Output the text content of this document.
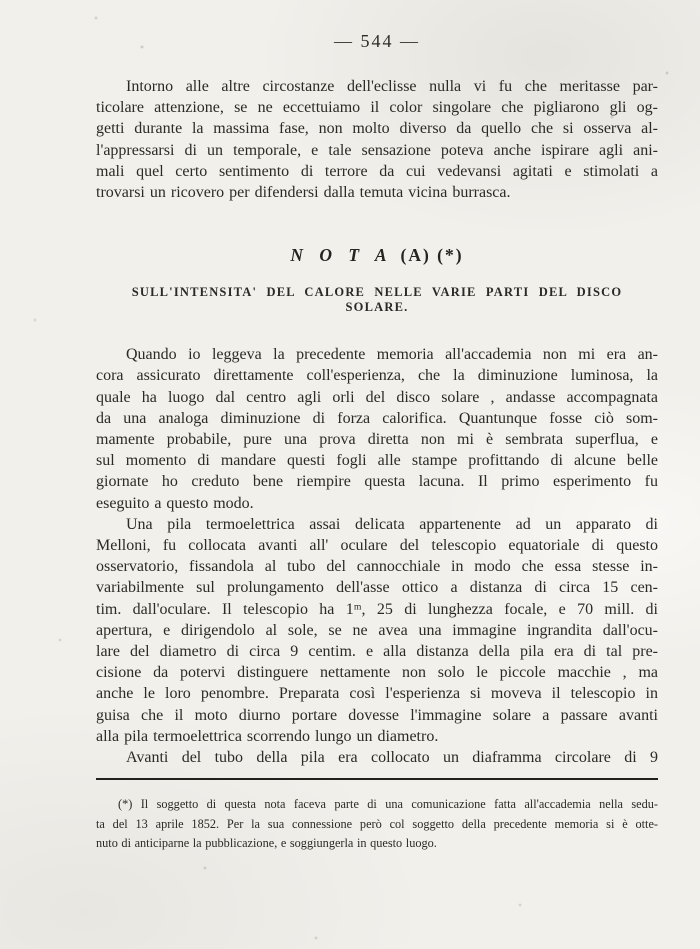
— 544 —
Intorno alle altre circostanze dell'eclisse nulla vi fu che meritasse par-
ticolare attenzione, se ne eccettuiamo il color singolare che pigliarono gli og-
getti durante la massima fase, non molto diverso da quello che si osserva al-
l'appressarsi di un temporale, e tale sensazione poteva anche ispirare agli ani-
mali quel certo sentimento di terrore da cui vedevansi agitati e stimolati a
trovarsi un ricovero per difendersi dalla temuta vicina burrasca.
N O T A (A) (*)
SULL'INTENSITA' DEL CALORE NELLE VARIE PARTI DEL DISCO SOLARE.
Quando io leggeva la precedente memoria all'accademia non mi era an-
cora assicurato direttamente coll'esperienza, che la diminuzione luminosa, la
quale ha luogo dal centro agli orli del disco solare , andasse accompagnata
da una analoga diminuzione di forza calorifica. Quantunque fosse ciò som-
mamente probabile, pure una prova diretta non mi è sembrata superflua, e
sul momento di mandare questi fogli alle stampe profittando di alcune belle
giornate ho creduto bene riempire questa lacuna. Il primo esperimento fu
eseguito a questo modo.
Una pila termoelettrica assai delicata appartenente ad un apparato di
Melloni, fu collocata avanti all' oculare del telescopio equatoriale di questo
osservatorio, fissandola al tubo del cannocchiale in modo che essa stesse in-
variabilmente sul prolungamento dell'asse ottico a distanza di circa 15 cen-
tim. dall'oculare. Il telescopio ha 1ᵐ, 25 di lunghezza focale, e 70 mill. di
apertura, e dirigendolo al sole, se ne avea una immagine ingrandita dall'ocu-
lare del diametro di circa 9 centim. e alla distanza della pila era di tal pre-
cisione da potervi distinguere nettamente non solo le piccole macchie , ma
anche le loro penombre. Preparata così l'esperienza si moveva il telescopio in
guisa che il moto diurno portare dovesse l'immagine solare a passare avanti
alla pila termoelettrica scorrendo lungo un diametro.
Avanti del tubo della pila era collocato un diaframma circolare di 9
(*) Il soggetto di questa nota faceva parte di una comunicazione fatta all'accademia nella sedu-
ta del 13 aprile 1852. Per la sua connessione però col soggetto della precedente memoria si è otte-
nuto di anticiparne la pubblicazione, e soggiungerla in questo luogo.
